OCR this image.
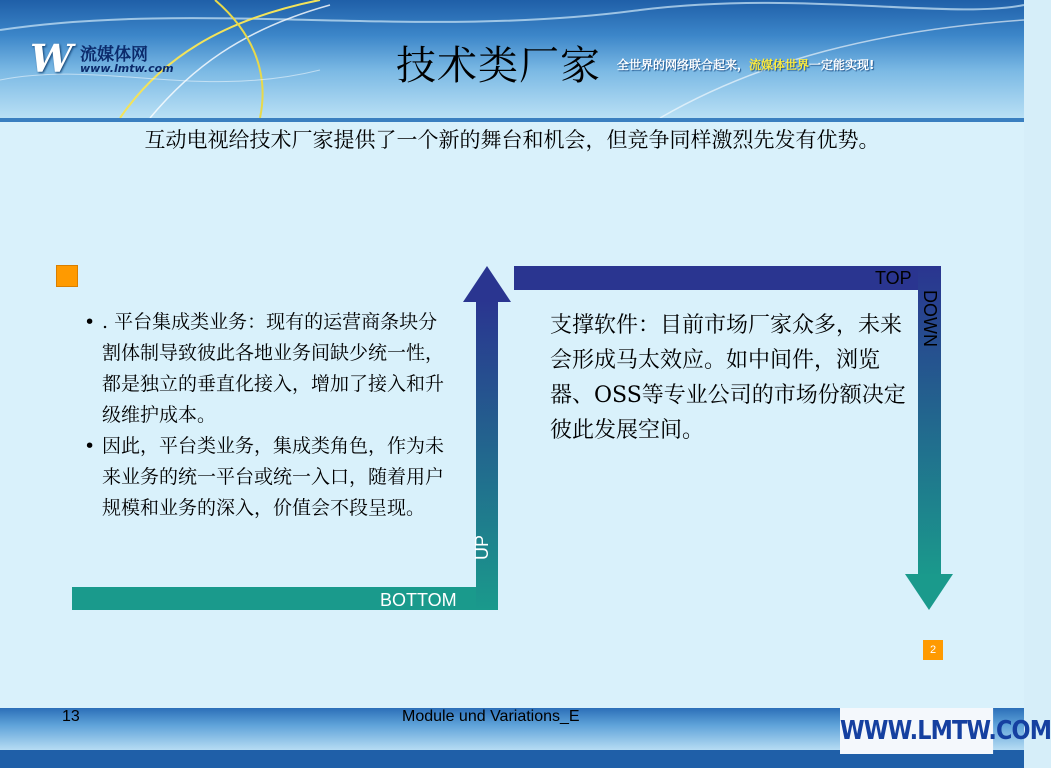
W 流媒体网
www.lmtw.com	技术类厂家 全世界的网络联合起来，流媒体世界一定能实现!
互动电视给技术厂家提供了一个新的舞台和机会，但竞争同样激烈先发有优势。
• . 平台集成类业务：现有的运营商条块分割体制导致彼此各地业务间缺少统一性，都是独立的垂直化接入，增加了接入和升级维护成本。
• 因此，平台类业务，集成类角色，作为未来业务的统一平台或统一入口，随着用户规模和业务的深入，价值会不段呈现。
支撑软件：目前市场厂家众多，未来会形成马太效应。如中间件，浏览器、OSS等专业公司的市场份额决定彼此发展空间。
TOP
DOWN
UP
BOTTOM
2
13	Module und Variations_E	WWW.LMTW.COM
